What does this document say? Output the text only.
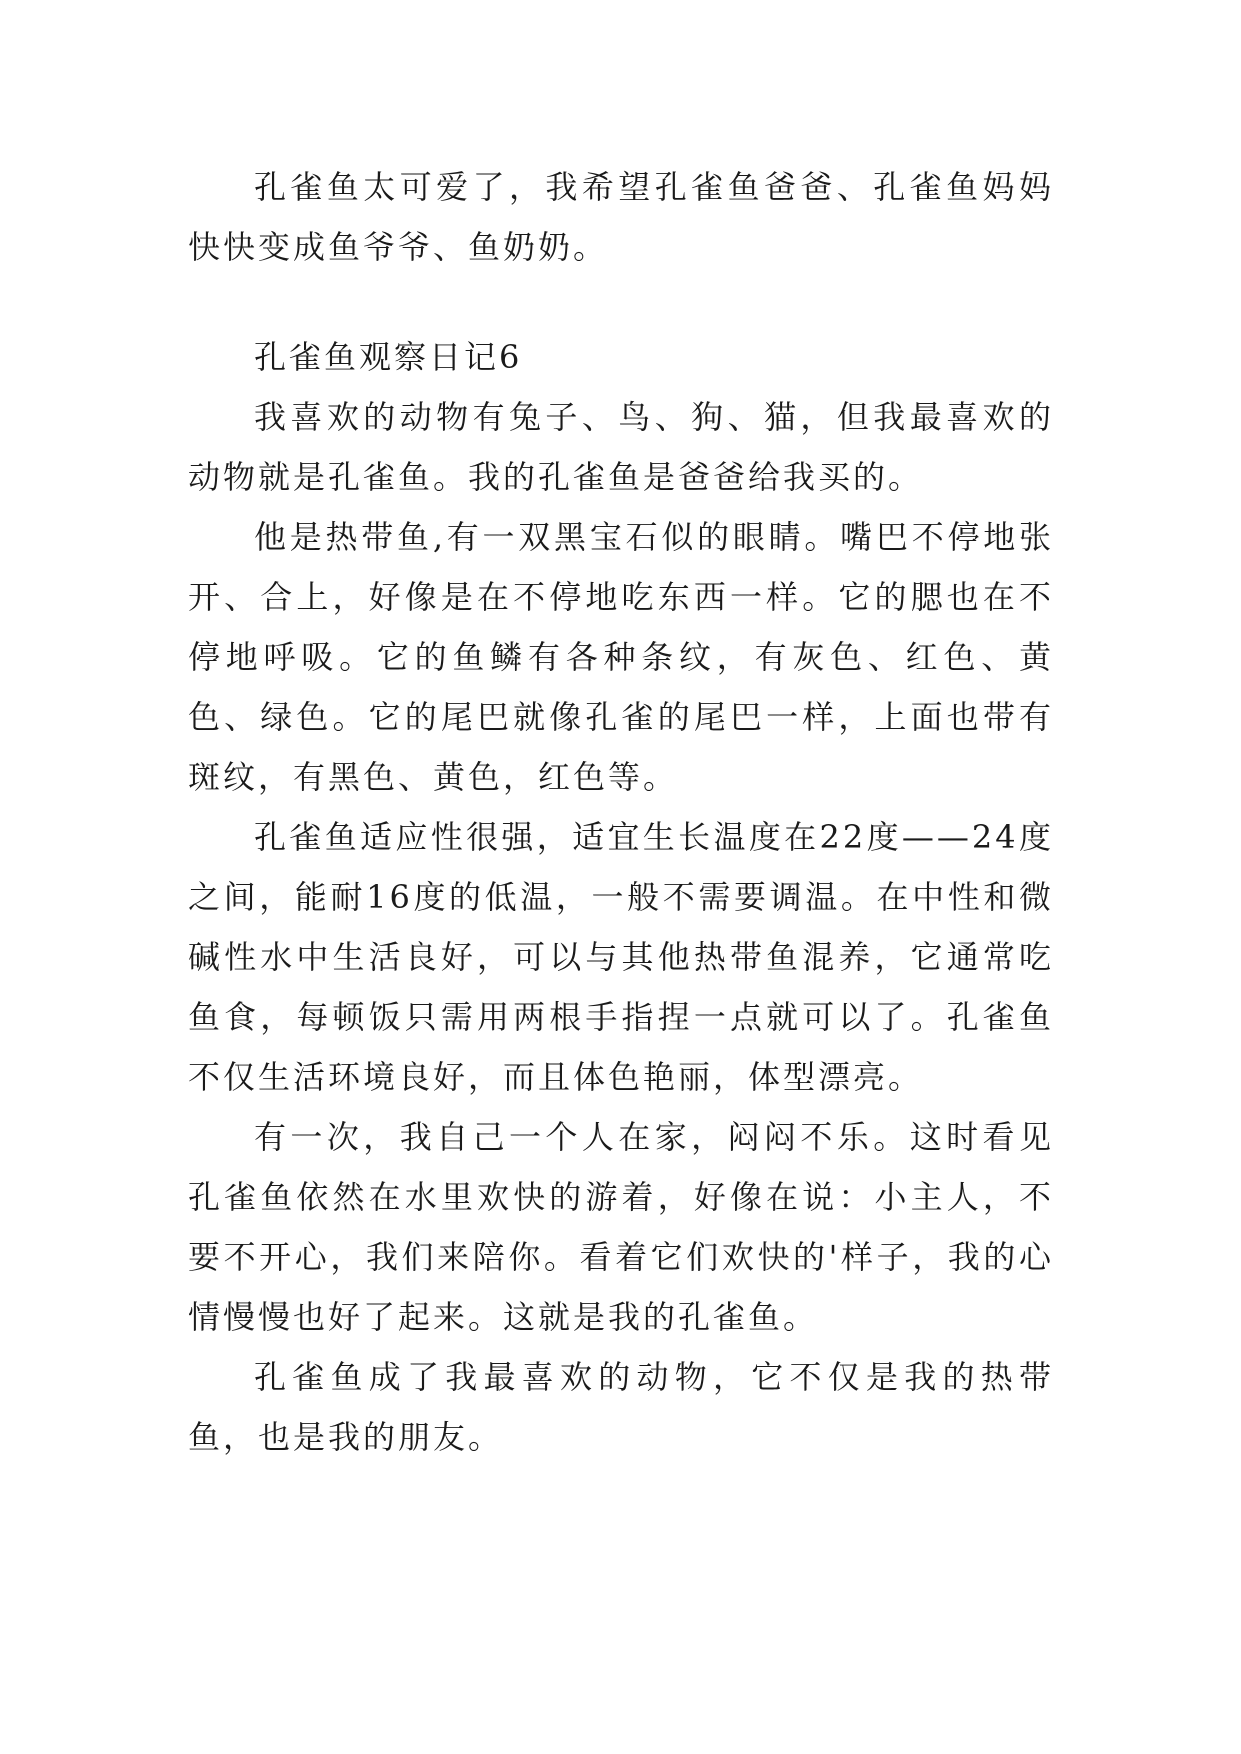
孔雀鱼太可爱了，我希望孔雀鱼爸爸、孔雀鱼妈妈快快变成鱼爷爷、鱼奶奶。

孔雀鱼观察日记6

我喜欢的动物有兔子、鸟、狗、猫，但我最喜欢的动物就是孔雀鱼。我的孔雀鱼是爸爸给我买的。

他是热带鱼,有一双黑宝石似的眼睛。嘴巴不停地张开、合上，好像是在不停地吃东西一样。它的腮也在不停地呼吸。它的鱼鳞有各种条纹，有灰色、红色、黄色、绿色。它的尾巴就像孔雀的尾巴一样，上面也带有斑纹，有黑色、黄色，红色等。

孔雀鱼适应性很强，适宜生长温度在22度——24度之间，能耐16度的低温，一般不需要调温。在中性和微碱性水中生活良好，可以与其他热带鱼混养，它通常吃鱼食，每顿饭只需用两根手指捏一点就可以了。孔雀鱼不仅生活环境良好，而且体色艳丽，体型漂亮。

有一次，我自己一个人在家，闷闷不乐。这时看见孔雀鱼依然在水里欢快的游着，好像在说：小主人，不要不开心，我们来陪你。看着它们欢快的'样子，我的心情慢慢也好了起来。这就是我的孔雀鱼。

孔雀鱼成了我最喜欢的动物，它不仅是我的热带鱼，也是我的朋友。
